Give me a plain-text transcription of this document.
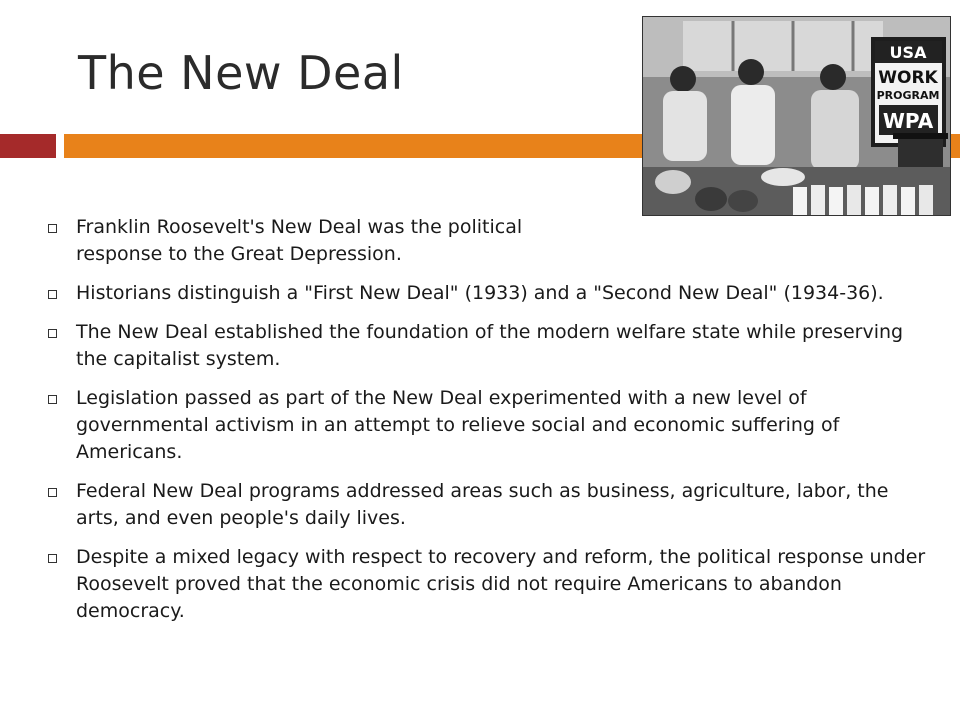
The New Deal	USA
WORK
PROGRAM
WPA
Franklin Roosevelt's New Deal was the political response to the Great Depression.
Historians distinguish a "First New Deal" (1933) and a "Second New Deal" (1934-36).
The New Deal established the foundation of the modern welfare state while preserving the capitalist system.
Legislation passed as part of the New Deal experimented with a new level of governmental activism in an attempt to relieve social and economic suffering of Americans.
Federal New Deal programs addressed areas such as business, agriculture, labor, the arts, and even people's daily lives.
Despite a mixed legacy with respect to recovery and reform, the political response under Roosevelt proved that the economic crisis did not require Americans to abandon democracy.
